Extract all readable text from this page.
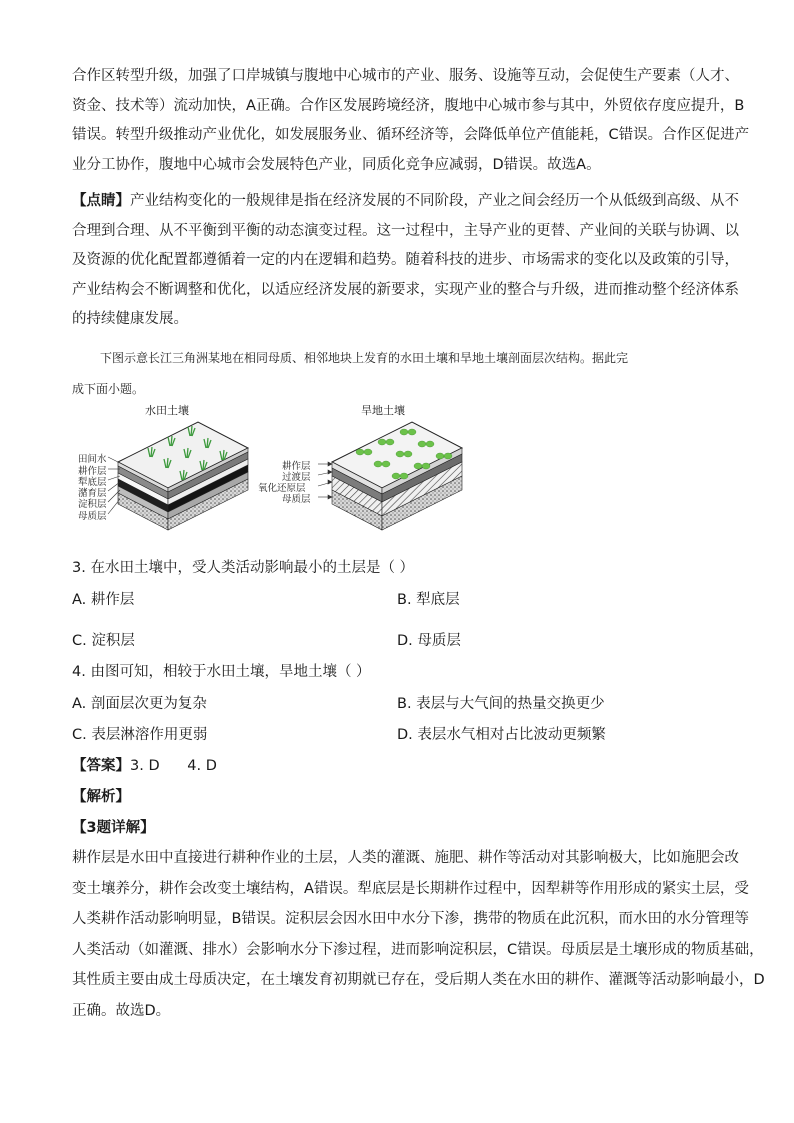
合作区转型升级，加强了口岸城镇与腹地中心城市的产业、服务、设施等互动，会促使生产要素（人才、

资金、技术等）流动加快，A正确。合作区发展跨境经济，腹地中心城市参与其中，外贸依存度应提升，B

错误。转型升级推动产业优化，如发展服务业、循环经济等，会降低单位产值能耗，C错误。合作区促进产

业分工协作，腹地中心城市会发展特色产业，同质化竞争应减弱，D错误。故选A。

【点睛】产业结构变化的一般规律是指在经济发展的不同阶段，产业之间会经历一个从低级到高级、从不

合理到合理、从不平衡到平衡的动态演变过程。这一过程中，主导产业的更替、产业间的关联与协调、以

及资源的优化配置都遵循着一定的内在逻辑和趋势。随着科技的进步、市场需求的变化以及政策的引导，

产业结构会不断调整和优化，以适应经济发展的新要求，实现产业的整合与升级，进而推动整个经济体系

的持续健康发展。

下图示意长江三角洲某地在相同母质、相邻地块上发育的水田土壤和旱地土壤剖面层次结构。据此完
成下面小题。
水田土壤	旱地土壤
田间水
耕作层
犁底层
潴育层
淀积层
母质层
耕作层
过渡层
氧化还原层
母质层
3. 在水田土壤中，受人类活动影响最小的土层是（ ）
A. 耕作层	B. 犁底层
C. 淀积层	D. 母质层
4. 由图可知，相较于水田土壤，旱地土壤（ ）
A. 剖面层次更为复杂	B. 表层与大气间的热量交换更少
C. 表层淋溶作用更弱	D. 表层水气相对占比波动更频繁
【答案】3. D      4. D
【解析】
【3题详解】

耕作层是水田中直接进行耕种作业的土层，人类的灌溉、施肥、耕作等活动对其影响极大，比如施肥会改

变土壤养分，耕作会改变土壤结构，A错误。犁底层是长期耕作过程中，因犁耕等作用形成的紧实土层，受

人类耕作活动影响明显，B错误。淀积层会因水田中水分下渗，携带的物质在此沉积，而水田的水分管理等

人类活动（如灌溉、排水）会影响水分下渗过程，进而影响淀积层，C错误。母质层是土壤形成的物质基础，

其性质主要由成土母质决定，在土壤发育初期就已存在，受后期人类在水田的耕作、灌溉等活动影响最小，D

正确。故选D。
